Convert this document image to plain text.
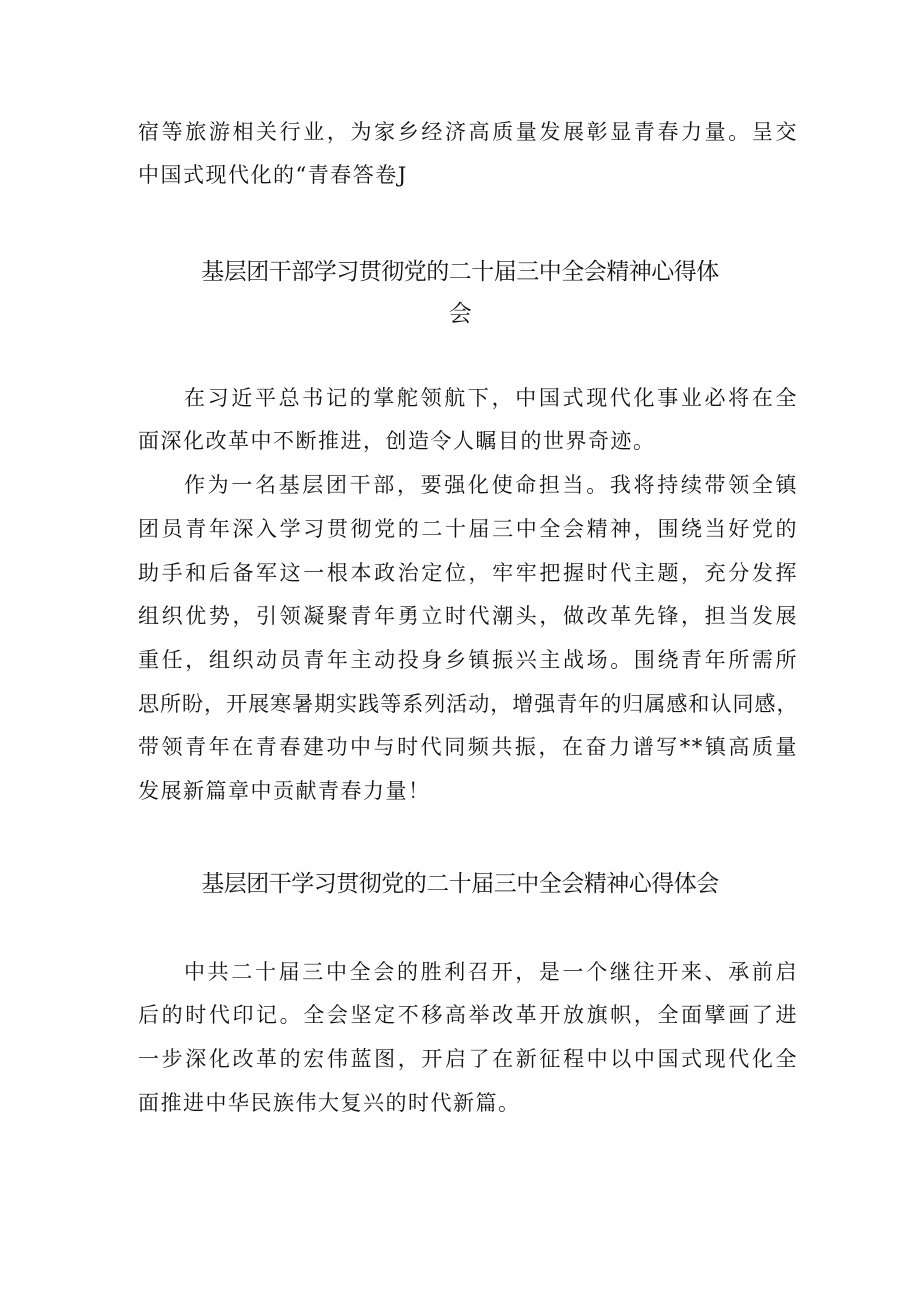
宿等旅游相关行业，为家乡经济高质量发展彰显青春力量。呈交
中国式现代化的“青春答卷J
基层团干部学习贯彻党的二十届三中全会精神心得体
会
在习近平总书记的掌舵领航下，中国式现代化事业必将在全
面深化改革中不断推进，创造令人瞩目的世界奇迹。
作为一名基层团干部，要强化使命担当。我将持续带领全镇
团员青年深入学习贯彻党的二十届三中全会精神，围绕当好党的
助手和后备军这一根本政治定位，牢牢把握时代主题，充分发挥
组织优势，引领凝聚青年勇立时代潮头，做改革先锋，担当发展
重任，组织动员青年主动投身乡镇振兴主战场。围绕青年所需所
思所盼，开展寒暑期实践等系列活动，增强青年的归属感和认同感，
带领青年在青春建功中与时代同频共振，在奋力谱写**镇高质量
发展新篇章中贡献青春力量！
基层团干学习贯彻党的二十届三中全会精神心得体会
中共二十届三中全会的胜利召开，是一个继往开来、承前启
后的时代印记。全会坚定不移高举改革开放旗帜，全面擘画了进
一步深化改革的宏伟蓝图，开启了在新征程中以中国式现代化全
面推进中华民族伟大复兴的时代新篇。
